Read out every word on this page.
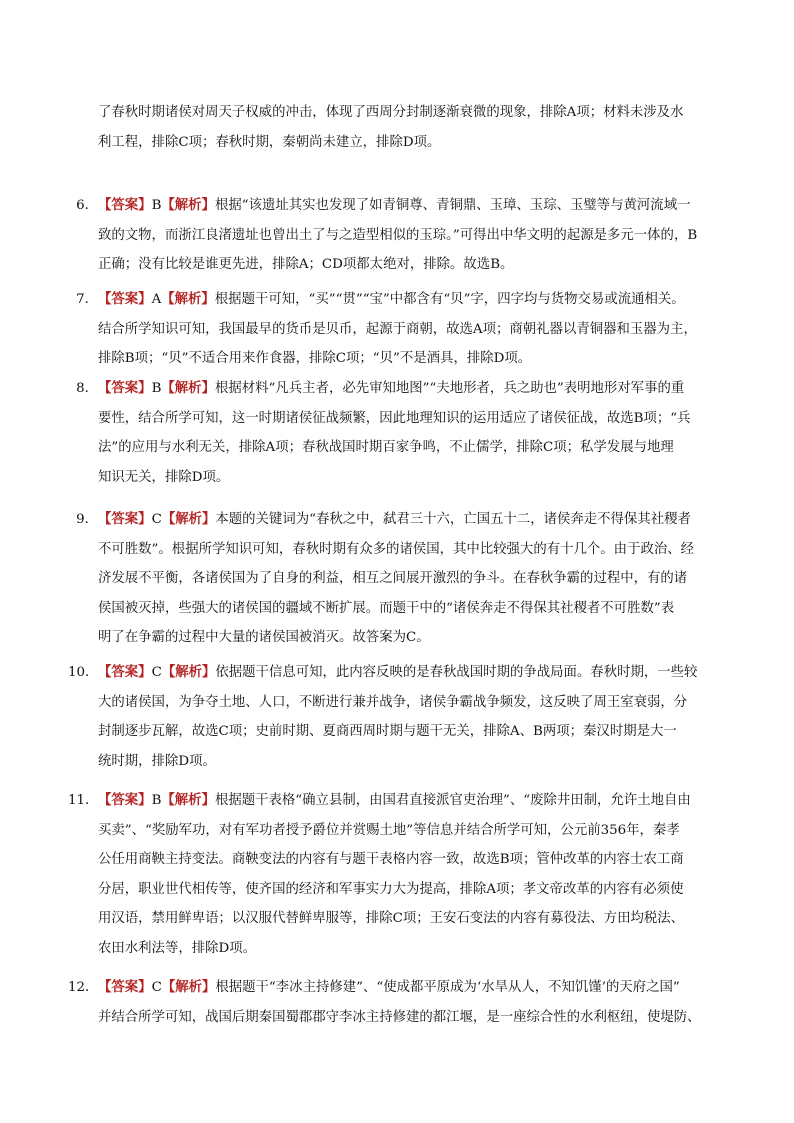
了春秋时期诸侯对周天子权威的冲击，体现了西周分封制逐渐衰微的现象，排除A项；材料未涉及水
利工程，排除C项；春秋时期，秦朝尚未建立，排除D项。
6．【答案】B【解析】根据“该遗址其实也发现了如青铜尊、青铜鼎、玉璋、玉琮、玉璧等与黄河流域一
致的文物，而浙江良渚遗址也曾出土了与之造型相似的玉琮。”可得出中华文明的起源是多元一体的，B
正确；没有比较是谁更先进，排除A；CD项都太绝对，排除。故选B。
7．【答案】A【解析】根据题干可知，“买”“贯”“宝”中都含有“贝”字，四字均与货物交易或流通相关。
结合所学知识可知，我国最早的货币是贝币，起源于商朝，故选A项；商朝礼器以青铜器和玉器为主，
排除B项；“贝”不适合用来作食器，排除C项；“贝”不是酒具，排除D项。
8．【答案】B【解析】根据材料“凡兵主者，必先审知地图”“夫地形者，兵之助也”表明地形对军事的重
要性，结合所学可知，这一时期诸侯征战频繁，因此地理知识的运用适应了诸侯征战，故选B项；“兵
法”的应用与水利无关，排除A项；春秋战国时期百家争鸣，不止儒学，排除C项；私学发展与地理
知识无关，排除D项。
9．【答案】C【解析】本题的关键词为“春秋之中，弑君三十六，亡国五十二，诸侯奔走不得保其社稷者
不可胜数”。根据所学知识可知，春秋时期有众多的诸侯国，其中比较强大的有十几个。由于政治、经
济发展不平衡，各诸侯国为了自身的利益，相互之间展开激烈的争斗。在春秋争霸的过程中，有的诸
侯国被灭掉，些强大的诸侯国的疆域不断扩展。而题干中的“诸侯奔走不得保其社稷者不可胜数”表
明了在争霸的过程中大量的诸侯国被消灭。故答案为C。
10．【答案】C【解析】依据题干信息可知，此内容反映的是春秋战国时期的争战局面。春秋时期，一些较
大的诸侯国，为争夺土地、人口，不断进行兼并战争，诸侯争霸战争频发，这反映了周王室衰弱，分
封制逐步瓦解，故选C项；史前时期、夏商西周时期与题干无关，排除A、B两项；秦汉时期是大一
统时期，排除D项。
11．【答案】B【解析】根据题干表格“确立县制，由国君直接派官吏治理”、“废除井田制，允许土地自由
买卖”、“奖励军功，对有军功者授予爵位并赏赐土地”等信息并结合所学可知，公元前356年，秦孝
公任用商鞅主持变法。商鞅变法的内容有与题干表格内容一致，故选B项；管仲改革的内容士农工商
分居，职业世代相传等，使齐国的经济和军事实力大为提高，排除A项；孝文帝改革的内容有必须使
用汉语，禁用鲜卑语；以汉服代替鲜卑服等，排除C项；王安石变法的内容有募役法、方田均税法、
农田水利法等，排除D项。
12．【答案】C【解析】根据题干“李冰主持修建”、“使成都平原成为‘水旱从人，不知饥馑’的天府之国”
并结合所学可知，战国后期秦国蜀郡郡守李冰主持修建的都江堰，是一座综合性的水利枢纽，使堤防、
